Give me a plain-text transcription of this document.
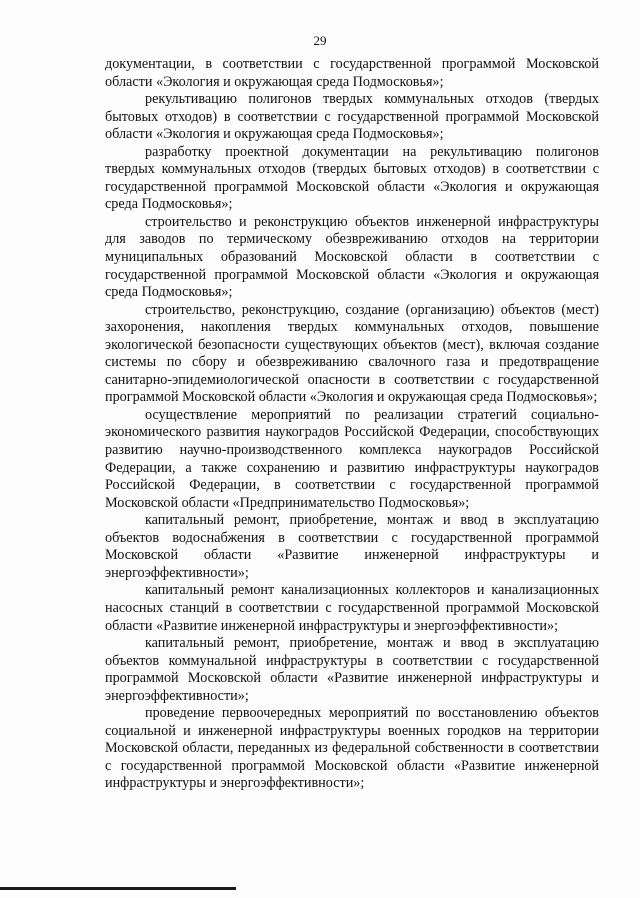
29

документации, в соответствии с государственной программой Московской области «Экология и окружающая среда Подмосковья»;

рекультивацию полигонов твердых коммунальных отходов (твердых бытовых отходов) в соответствии с государственной программой Московской области «Экология и окружающая среда Подмосковья»;

разработку проектной документации на рекультивацию полигонов твердых коммунальных отходов (твердых бытовых отходов) в соответствии с государственной программой Московской области «Экология и окружающая среда Подмосковья»;

строительство и реконструкцию объектов инженерной инфраструктуры для заводов по термическому обезвреживанию отходов на территории муниципальных образований Московской области в соответствии с государственной программой Московской области «Экология и окружающая среда Подмосковья»;

строительство, реконструкцию, создание (организацию) объектов (мест) захоронения, накопления твердых коммунальных отходов, повышение экологической безопасности существующих объектов (мест), включая создание системы по сбору и обезвреживанию свалочного газа и предотвращение санитарно-эпидемиологической опасности в соответствии с государственной программой Московской области «Экология и окружающая среда Подмосковья»;

осуществление мероприятий по реализации стратегий социально-экономического развития наукоградов Российской Федерации, способствующих развитию научно-производственного комплекса наукоградов Российской Федерации, а также сохранению и развитию инфраструктуры наукоградов Российской Федерации, в соответствии с государственной программой Московской области «Предпринимательство Подмосковья»;

капитальный ремонт, приобретение, монтаж и ввод в эксплуатацию объектов водоснабжения в соответствии с государственной программой Московской области «Развитие инженерной инфраструктуры и энергоэффективности»;

капитальный ремонт канализационных коллекторов и канализационных насосных станций в соответствии с государственной программой Московской области «Развитие инженерной инфраструктуры и энергоэффективности»;

капитальный ремонт, приобретение, монтаж и ввод в эксплуатацию объектов коммунальной инфраструктуры в соответствии с государственной программой Московской области «Развитие инженерной инфраструктуры и энергоэффективности»;

проведение первоочередных мероприятий по восстановлению объектов социальной и инженерной инфраструктуры военных городков на территории Московской области, переданных из федеральной собственности в соответствии с государственной программой Московской области «Развитие инженерной инфраструктуры и энергоэффективности»;
